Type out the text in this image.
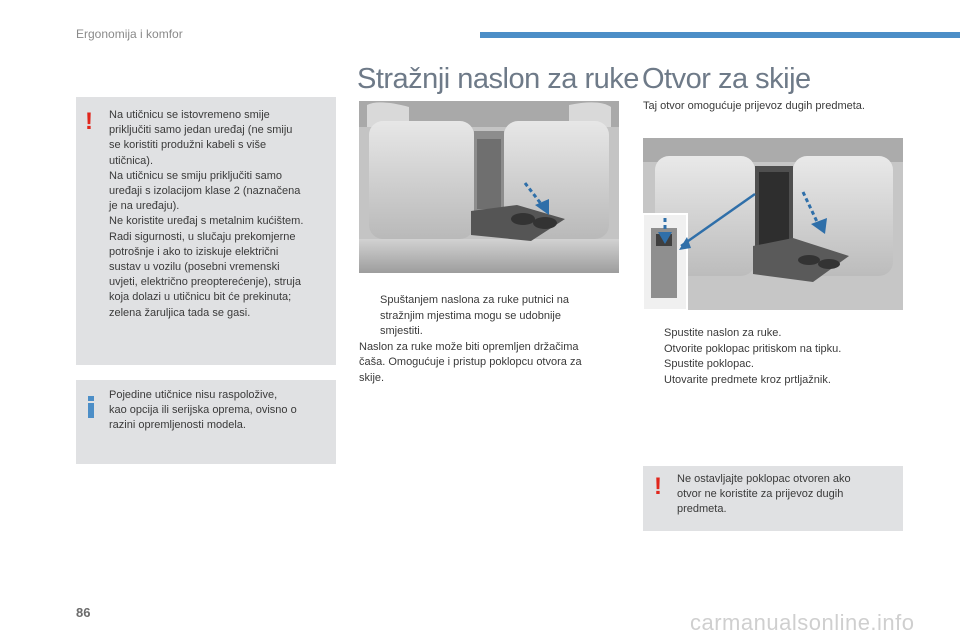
Ergonomija i komfor
! Na utičnicu se istovremeno smije
priključiti samo jedan uređaj (ne smiju
se koristiti produžni kabeli s više
utičnica).
Na utičnicu se smiju priključiti samo
uređaji s izolacijom klase 2 (naznačena
je na uređaju).
Ne koristite uređaj s metalnim kućištem.
Radi sigurnosti, u slučaju prekomjerne
potrošnje i ako to iziskuje električni
sustav u vozilu (posebni vremenski
uvjeti, električno preopterećenje), struja
koja dolazi u utičnicu bit će prekinuta;
zelena žaruljica tada se gasi.
Pojedine utičnice nisu raspoložive,
kao opcija ili serijska oprema, ovisno o
razini opremljenosti modela.
Stražnji naslon za ruke
Spuštanjem naslona za ruke putnici na
stražnjim mjestima mogu se udobnije
smjestiti.
Naslon za ruke može biti opremljen držačima
čaša. Omogućuje i pristup poklopcu otvora za
skije.
Otvor za skije
Taj otvor omogućuje prijevoz dugih predmeta.
Spustite naslon za ruke.
Otvorite poklopac pritiskom na tipku.
Spustite poklopac.
Utovarite predmete kroz prtljažnik.
! Ne ostavljajte poklopac otvoren ako
otvor ne koristite za prijevoz dugih
predmeta.
86	carmanualsonline.info
